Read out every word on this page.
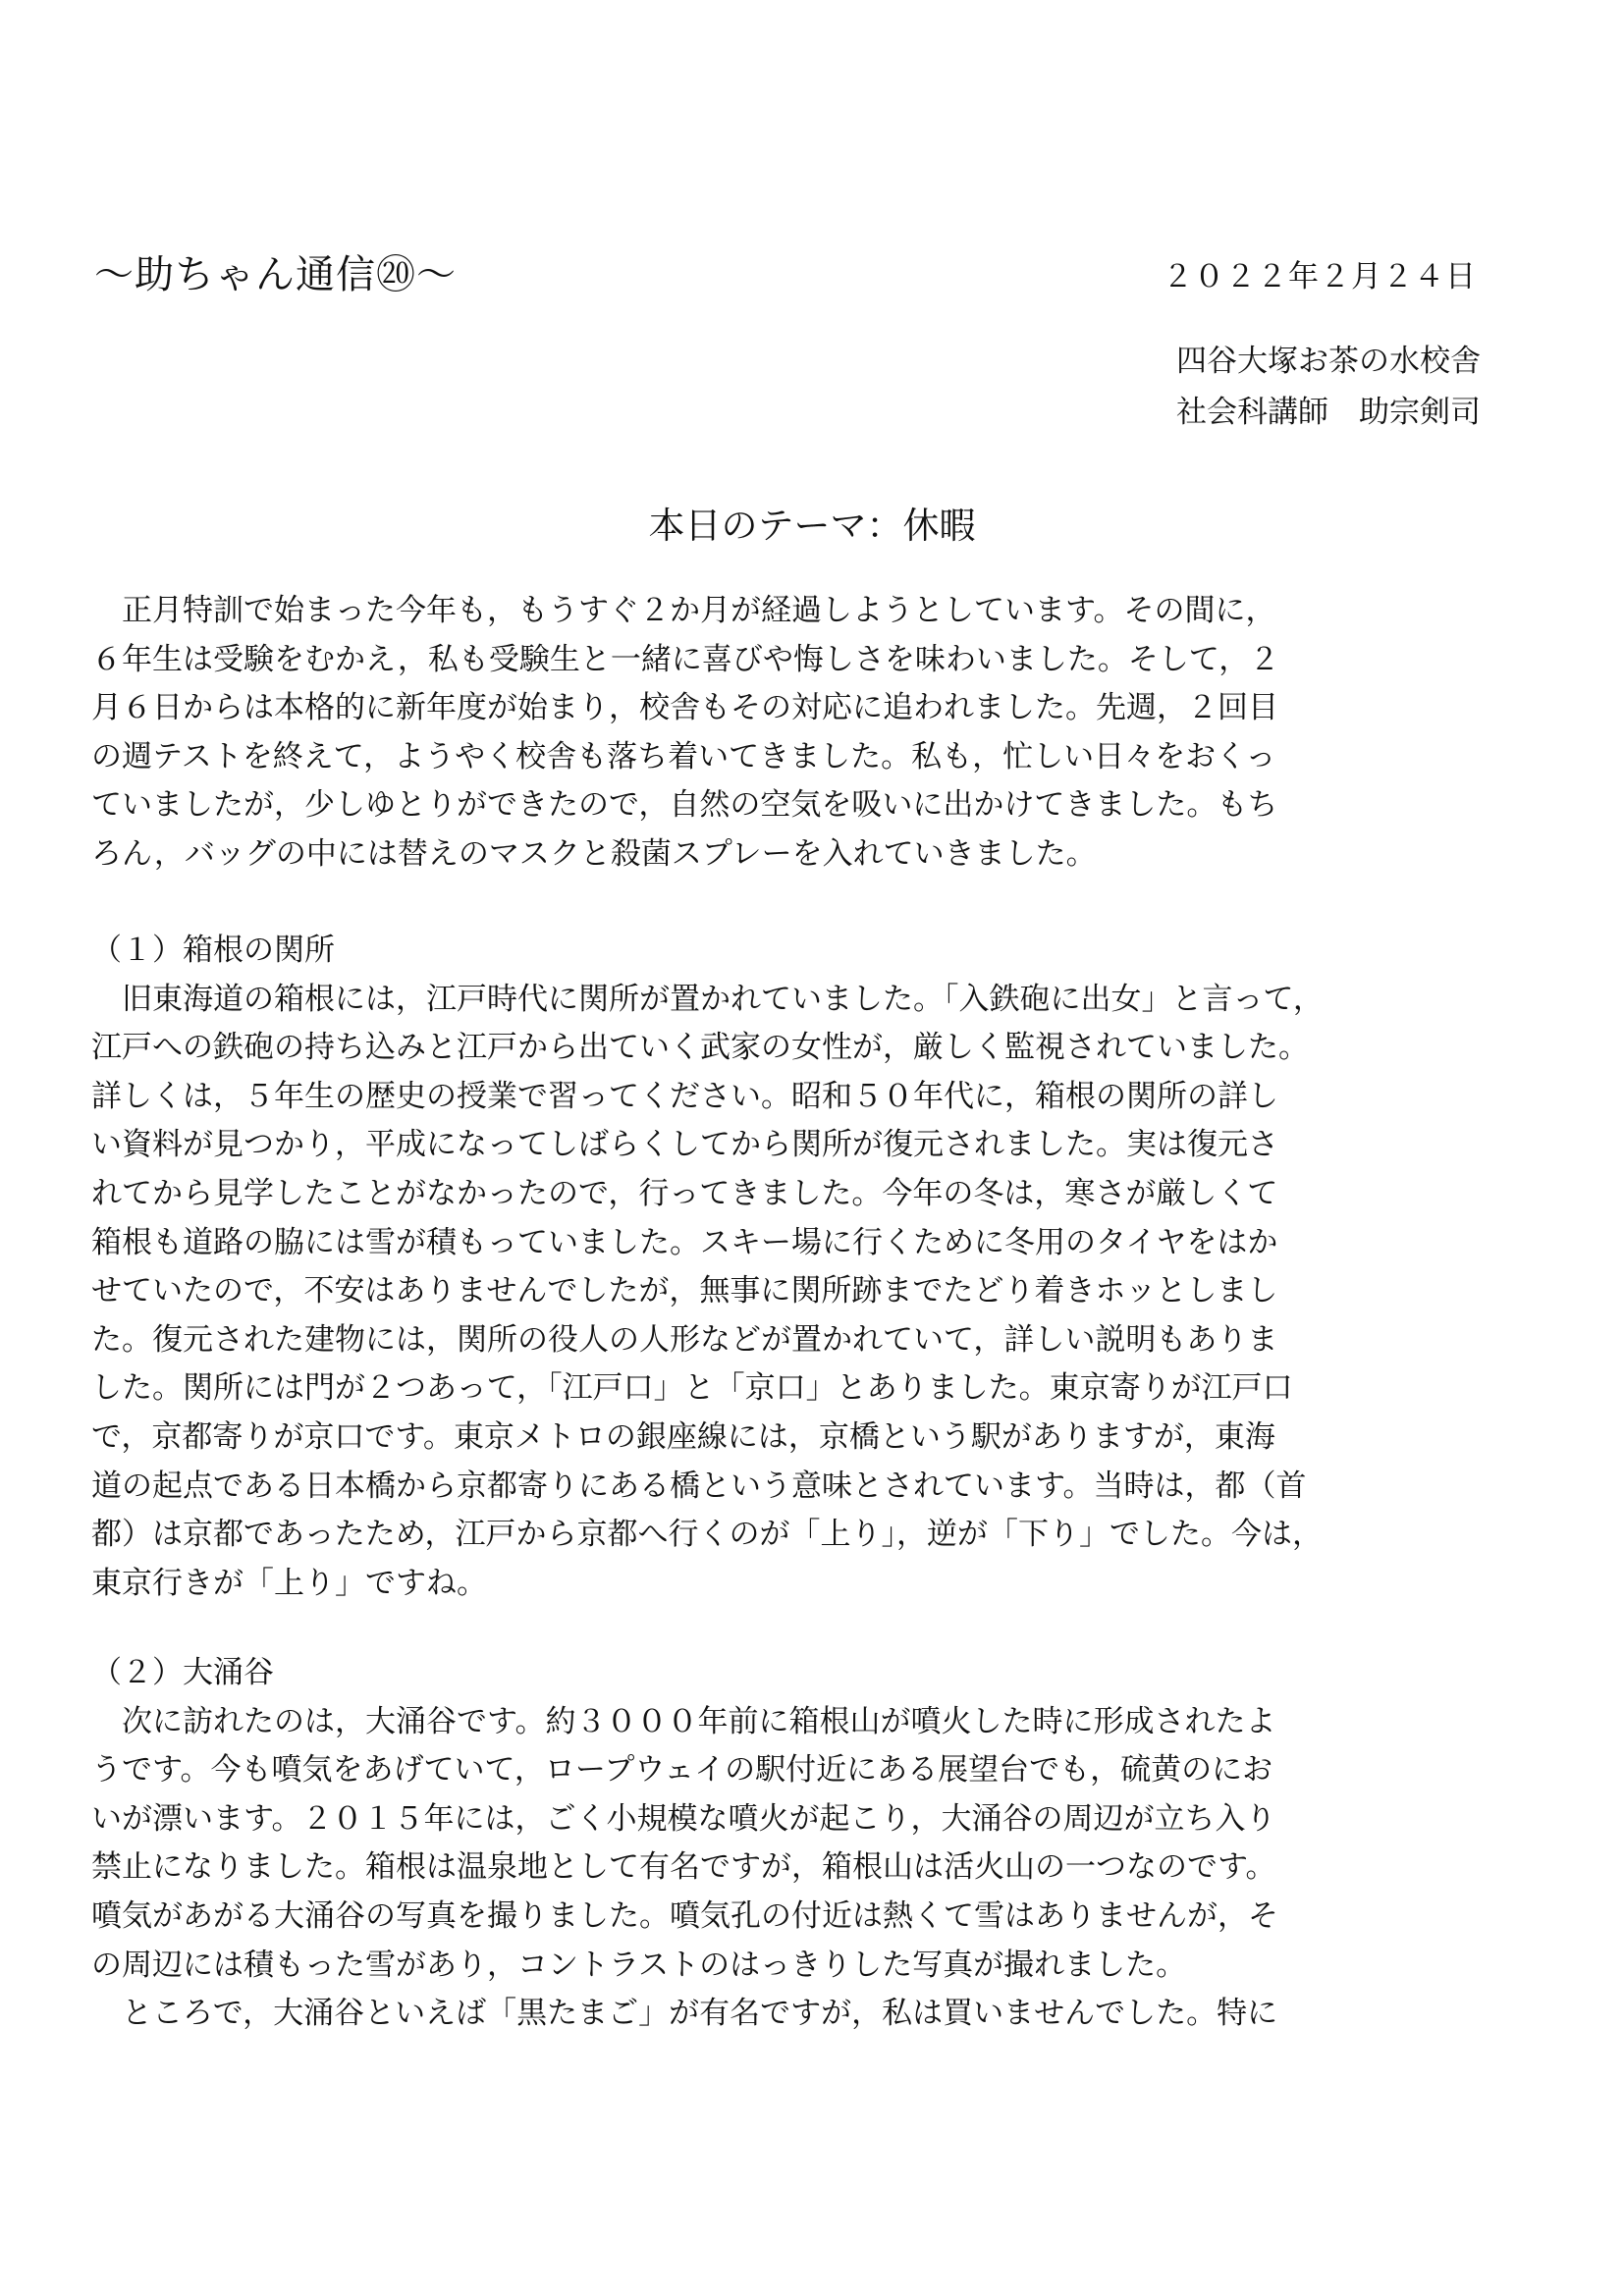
〜助ちゃん通信⑳〜	２０２２年２月２４日
四谷大塚お茶の水校舎
社会科講師　助宗剣司
本日のテーマ：休暇
　正月特訓で始まった今年も，もうすぐ２か月が経過しようとしています。その間に，
６年生は受験をむかえ，私も受験生と一緒に喜びや悔しさを味わいました。そして，２
月６日からは本格的に新年度が始まり，校舎もその対応に追われました。先週，２回目
の週テストを終えて，ようやく校舎も落ち着いてきました。私も，忙しい日々をおくっ
ていましたが，少しゆとりができたので，自然の空気を吸いに出かけてきました。もち
ろん，バッグの中には替えのマスクと殺菌スプレーを入れていきました。
（１）箱根の関所
　旧東海道の箱根には，江戸時代に関所が置かれていました。「入鉄砲に出女」と言って，
江戸への鉄砲の持ち込みと江戸から出ていく武家の女性が，厳しく監視されていました。
詳しくは，５年生の歴史の授業で習ってください。昭和５０年代に，箱根の関所の詳し
い資料が見つかり，平成になってしばらくしてから関所が復元されました。実は復元さ
れてから見学したことがなかったので，行ってきました。今年の冬は，寒さが厳しくて
箱根も道路の脇には雪が積もっていました。スキー場に行くために冬用のタイヤをはか
せていたので，不安はありませんでしたが，無事に関所跡までたどり着きホッとしまし
た。復元された建物には，関所の役人の人形などが置かれていて，詳しい説明もありま
した。関所には門が２つあって，「江戸口」と「京口」とありました。東京寄りが江戸口
で，京都寄りが京口です。東京メトロの銀座線には，京橋という駅がありますが，東海
道の起点である日本橋から京都寄りにある橋という意味とされています。当時は，都（首
都）は京都であったため，江戸から京都へ行くのが「上り」，逆が「下り」でした。今は，
東京行きが「上り」ですね。
（２）大涌谷
　次に訪れたのは，大涌谷です。約３０００年前に箱根山が噴火した時に形成されたよ
うです。今も噴気をあげていて，ロープウェイの駅付近にある展望台でも，硫黄のにお
いが漂います。２０１５年には，ごく小規模な噴火が起こり，大涌谷の周辺が立ち入り
禁止になりました。箱根は温泉地として有名ですが，箱根山は活火山の一つなのです。
噴気があがる大涌谷の写真を撮りました。噴気孔の付近は熱くて雪はありませんが，そ
の周辺には積もった雪があり，コントラストのはっきりした写真が撮れました。
　ところで，大涌谷といえば「黒たまご」が有名ですが，私は買いませんでした。特に
